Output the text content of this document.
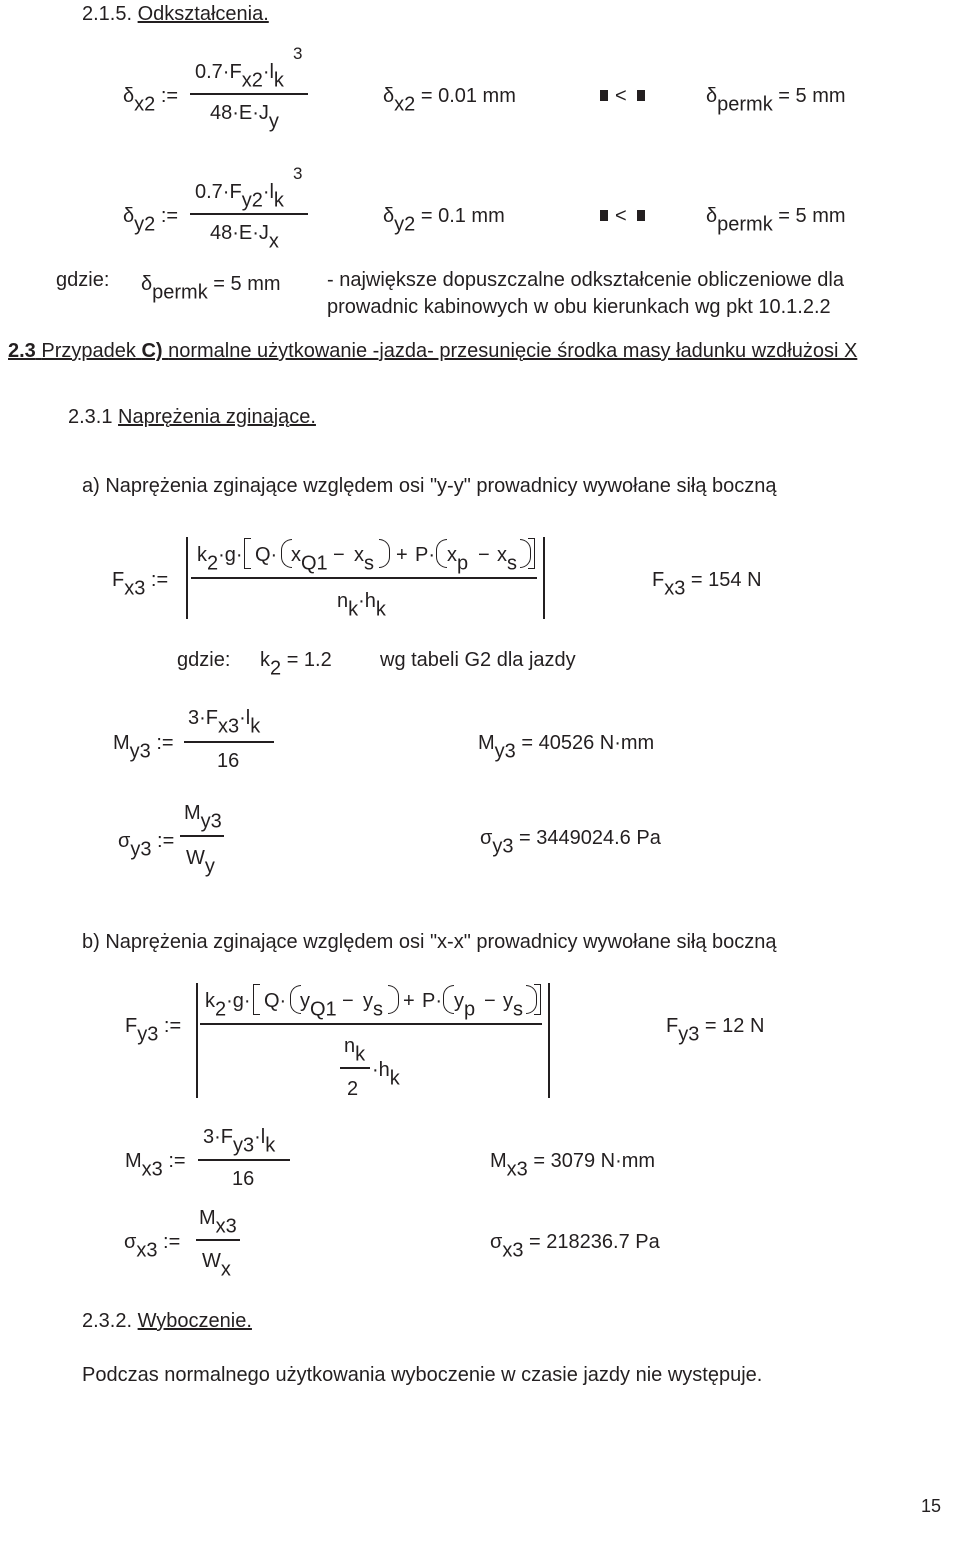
2.1.5. Odkształcenia.
$\delta_{x2}$ :=
$0.7\cdot F_{x2}\cdot l_k$
3
$48\cdot E\cdot J_y$
$\delta_{x2} = 0.01$ mm	<	$\delta_{permk} = 5$ mm
$\delta_{y2}$ :=
$0.7\cdot F_{y2}\cdot l_k$
3
$48\cdot E\cdot J_x$
$\delta_{y2} = 0.1$ mm	<	$\delta_{permk} = 5$ mm
gdzie: $\delta_{permk} = 5$ mm - największe dopuszczalne odkształcenie obliczeniowe dla
prowadnic kabinowych w obu kierunkach wg pkt 10.1.2.2
2.3 Przypadek C) normalne użytkowanie -jazda- przesunięcie środka masy ładunku wzdłużosi X
2.3.1 Naprężenia zginające.
a) Naprężenia zginające względem osi "y-y" prowadnicy wywołane siłą boczną
$F_{x3}$ :=
$k_2\cdot g\cdot Q\cdot x_{Q1} - x_s + P\cdot x_p - x_s$
$n_k\cdot h_k$
$F_{x3} = 154$ N
gdzie: $k_2 = 1.2$ wg tabeli G2 dla jazdy
$M_{y3}$ :=
$3\cdot F_{x3}\cdot l_k$
16
$M_{y3} = 40526$ N·mm
$\sigma_{y3}$ :=
$M_{y3}$
$W_y$
$\sigma_{y3} = 3449024.6$ Pa
b) Naprężenia zginające względem osi "x-x" prowadnicy wywołane siłą boczną
$F_{y3}$ :=
$k_2\cdot g\cdot Q\cdot y_{Q1} - y_s + P\cdot y_p - y_s$
$n_k$
2
$\cdot h_k$
$F_{y3} = 12$ N
$M_{x3}$ :=
$3\cdot F_{y3}\cdot l_k$
16
$M_{x3} = 3079$ N·mm
$\sigma_{x3}$ :=
$M_{x3}$
$W_x$
$\sigma_{x3} = 218236.7$ Pa
2.3.2. Wyboczenie.
Podczas normalnego użytkowania wyboczenie w czasie jazdy nie występuje.
15
